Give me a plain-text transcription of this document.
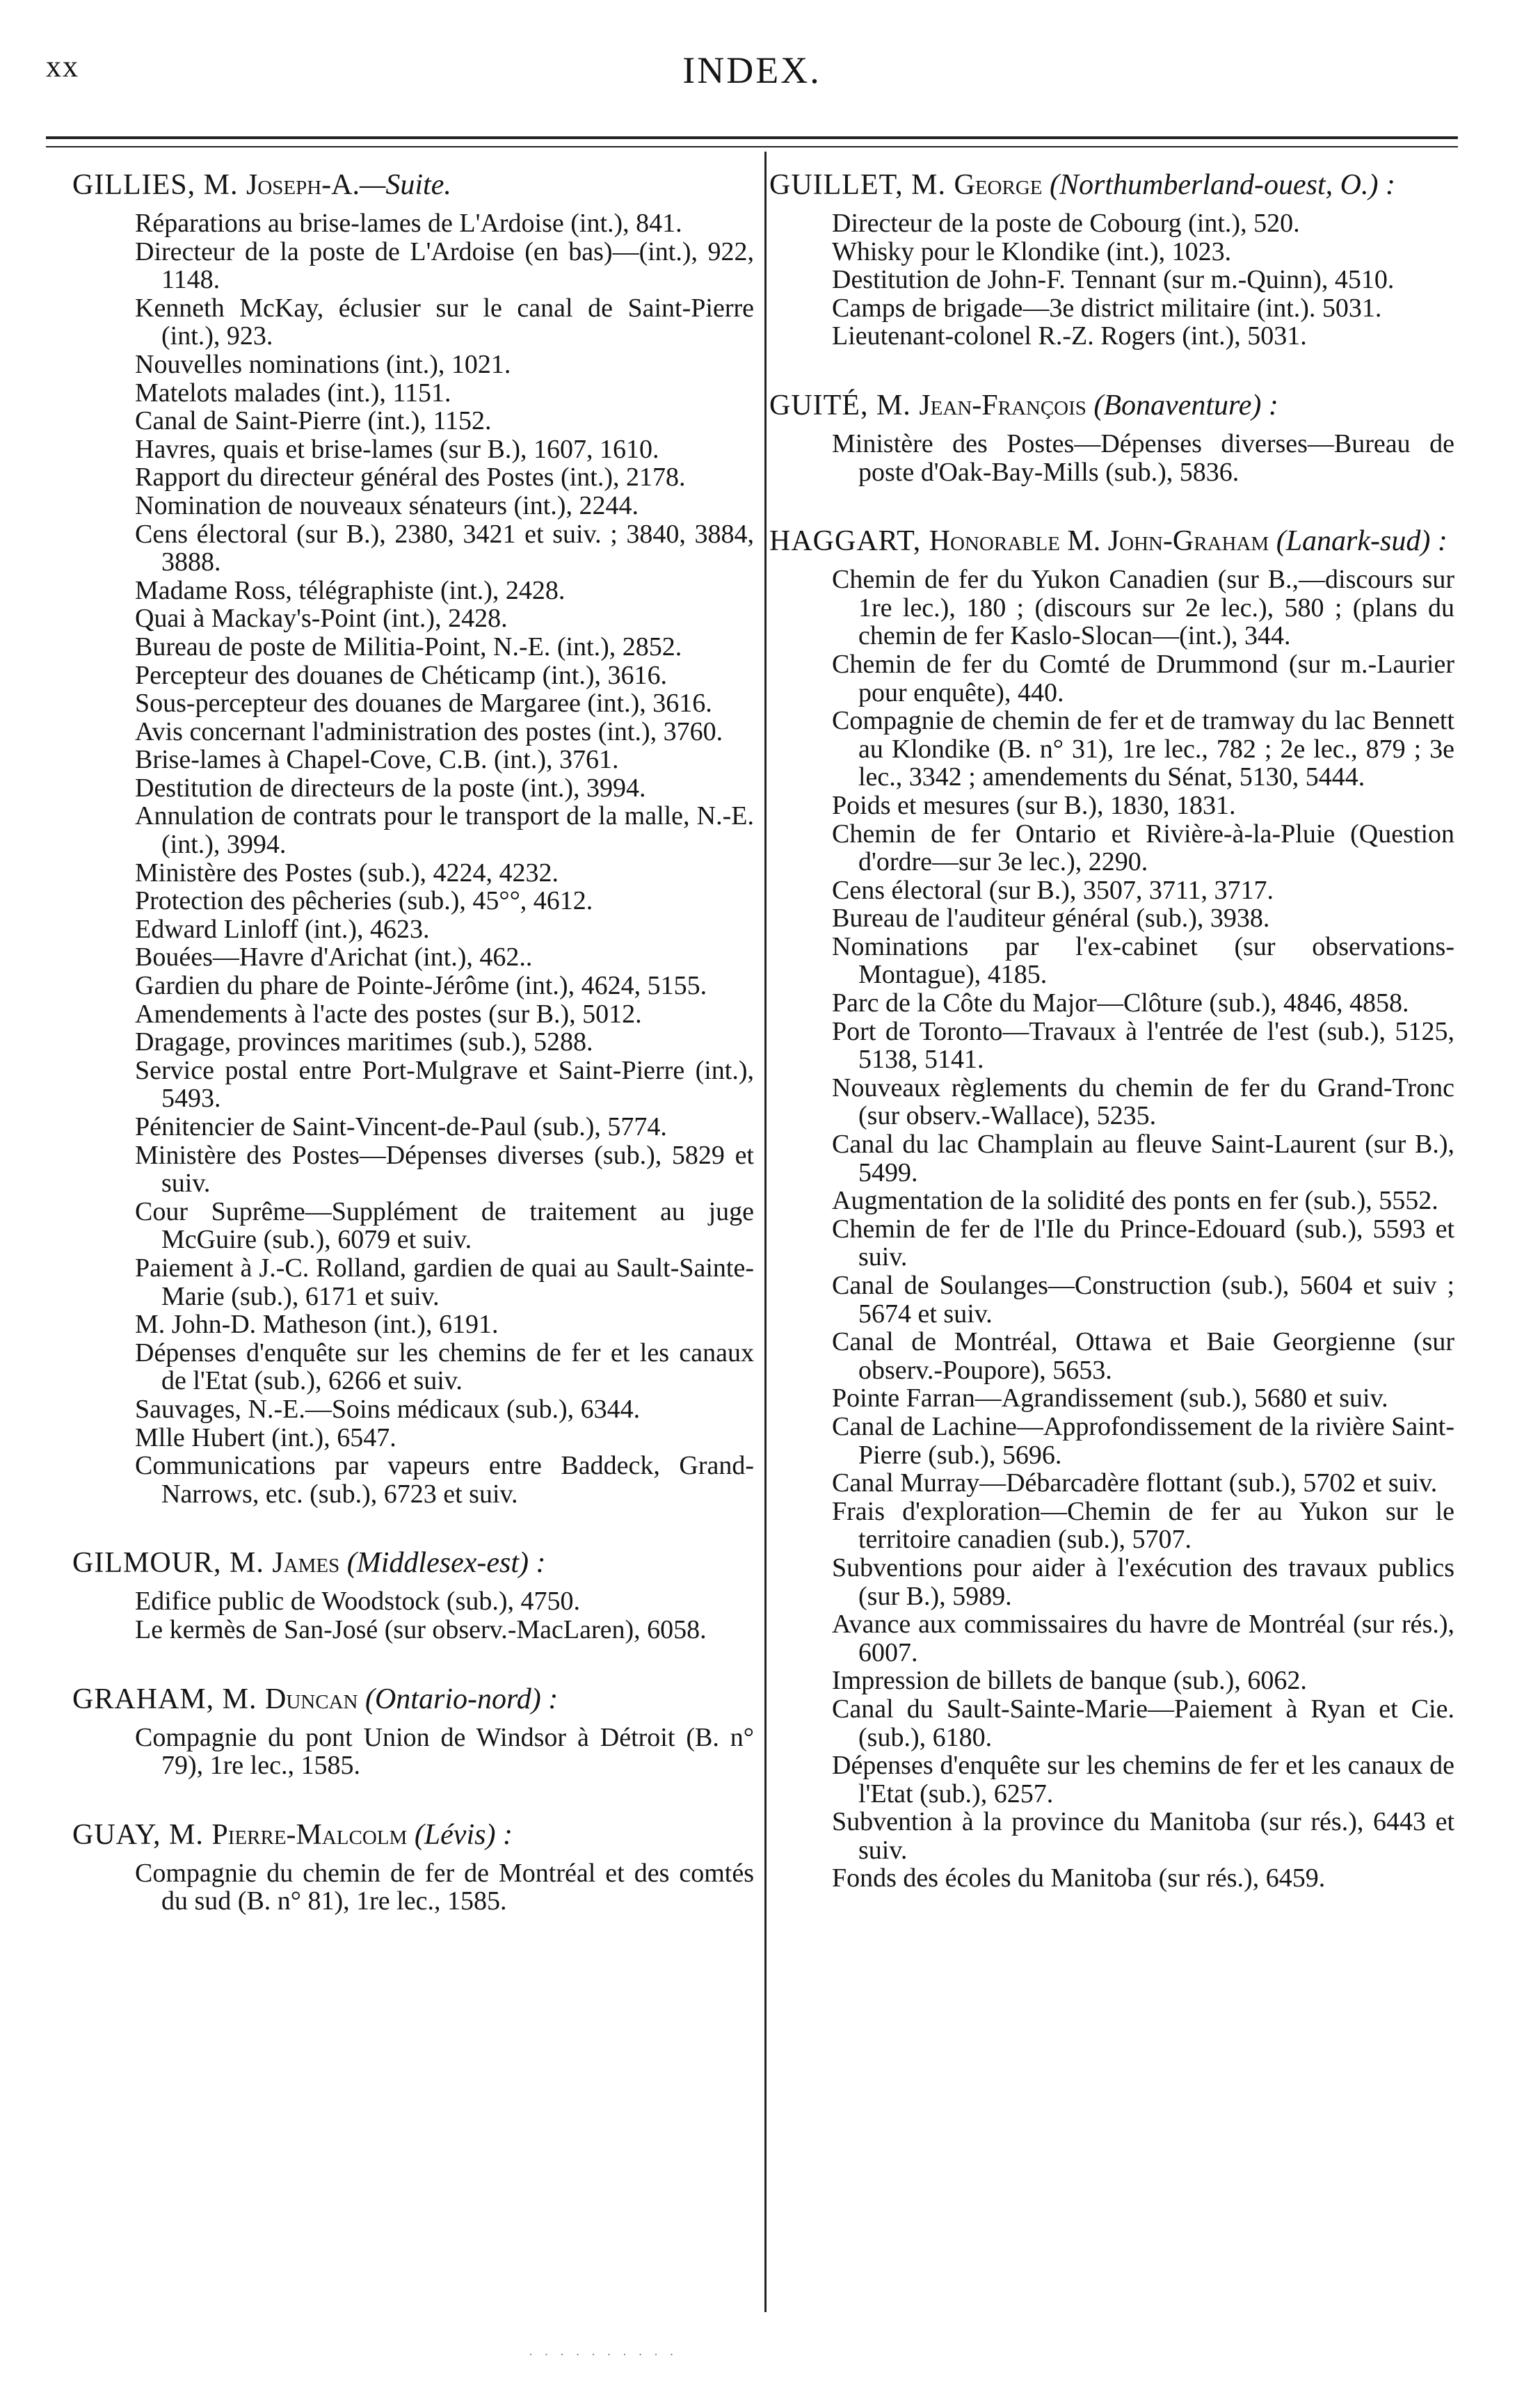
xx	INDEX.
GILLIES, M. Joseph-A.—Suite.
Réparations au brise-lames de L'Ardoise (int.), 841.
Directeur de la poste de L'Ardoise (en bas)—(int.), 922, 1148.
Kenneth McKay, éclusier sur le canal de Saint-Pierre (int.), 923.
Nouvelles nominations (int.), 1021.
Matelots malades (int.), 1151.
Canal de Saint-Pierre (int.), 1152.
Havres, quais et brise-lames (sur B.), 1607, 1610.
Rapport du directeur général des Postes (int.), 2178.
Nomination de nouveaux sénateurs (int.), 2244.
Cens électoral (sur B.), 2380, 3421 et suiv. ; 3840, 3884, 3888.
Madame Ross, télégraphiste (int.), 2428.
Quai à Mackay's-Point (int.), 2428.
Bureau de poste de Militia-Point, N.-E. (int.), 2852.
Percepteur des douanes de Chéticamp (int.), 3616.
Sous-percepteur des douanes de Margaree (int.), 3616.
Avis concernant l'administration des postes (int.), 3760.
Brise-lames à Chapel-Cove, C.B. (int.), 3761.
Destitution de directeurs de la poste (int.), 3994.
Annulation de contrats pour le transport de la malle, N.-E. (int.), 3994.
Ministère des Postes (sub.), 4224, 4232.
Protection des pêcheries (sub.), 45°°, 4612.
Edward Linloff (int.), 4623.
Bouées—Havre d'Arichat (int.), 462..
Gardien du phare de Pointe-Jérôme (int.), 4624, 5155.
Amendements à l'acte des postes (sur B.), 5012.
Dragage, provinces maritimes (sub.), 5288.
Service postal entre Port-Mulgrave et Saint-Pierre (int.), 5493.
Pénitencier de Saint-Vincent-de-Paul (sub.), 5774.
Ministère des Postes—Dépenses diverses (sub.), 5829 et suiv.
Cour Suprême—Supplément de traitement au juge McGuire (sub.), 6079 et suiv.
Paiement à J.-C. Rolland, gardien de quai au Sault-Sainte-Marie (sub.), 6171 et suiv.
M. John-D. Matheson (int.), 6191.
Dépenses d'enquête sur les chemins de fer et les canaux de l'Etat (sub.), 6266 et suiv.
Sauvages, N.-E.—Soins médicaux (sub.), 6344.
Mlle Hubert (int.), 6547.
Communications par vapeurs entre Baddeck, Grand-Narrows, etc. (sub.), 6723 et suiv.
GILMOUR, M. James (Middlesex-est) :
Edifice public de Woodstock (sub.), 4750.
Le kermès de San-José (sur observ.-MacLaren), 6058.
GRAHAM, M. Duncan (Ontario-nord) :
Compagnie du pont Union de Windsor à Détroit (B. n° 79), 1re lec., 1585.
GUAY, M. Pierre-Malcolm (Lévis) :
Compagnie du chemin de fer de Montréal et des comtés du sud (B. n° 81), 1re lec., 1585.
GUILLET, M. George (Northumberland-ouest, O.) :
Directeur de la poste de Cobourg (int.), 520.
Whisky pour le Klondike (int.), 1023.
Destitution de John-F. Tennant (sur m.-Quinn), 4510.
Camps de brigade—3e district militaire (int.). 5031.
Lieutenant-colonel R.-Z. Rogers (int.), 5031.
GUITÉ, M. Jean-François (Bonaventure) :
Ministère des Postes—Dépenses diverses—Bureau de poste d'Oak-Bay-Mills (sub.), 5836.
HAGGART, Honorable M. John-Graham (Lanark-sud) :
Chemin de fer du Yukon Canadien (sur B.,—discours sur 1re lec.), 180 ; (discours sur 2e lec.), 580 ; (plans du chemin de fer Kaslo-Slocan—(int.), 344.
Chemin de fer du Comté de Drummond (sur m.-Laurier pour enquête), 440.
Compagnie de chemin de fer et de tramway du lac Bennett au Klondike (B. n° 31), 1re lec., 782 ; 2e lec., 879 ; 3e lec., 3342 ; amendements du Sénat, 5130, 5444.
Poids et mesures (sur B.), 1830, 1831.
Chemin de fer Ontario et Rivière-à-la-Pluie (Question d'ordre—sur 3e lec.), 2290.
Cens électoral (sur B.), 3507, 3711, 3717.
Bureau de l'auditeur général (sub.), 3938.
Nominations par l'ex-cabinet (sur observations-Montague), 4185.
Parc de la Côte du Major—Clôture (sub.), 4846, 4858.
Port de Toronto—Travaux à l'entrée de l'est (sub.), 5125, 5138, 5141.
Nouveaux règlements du chemin de fer du Grand-Tronc (sur observ.-Wallace), 5235.
Canal du lac Champlain au fleuve Saint-Laurent (sur B.), 5499.
Augmentation de la solidité des ponts en fer (sub.), 5552.
Chemin de fer de l'Ile du Prince-Edouard (sub.), 5593 et suiv.
Canal de Soulanges—Construction (sub.), 5604 et suiv ; 5674 et suiv.
Canal de Montréal, Ottawa et Baie Georgienne (sur observ.-Poupore), 5653.
Pointe Farran—Agrandissement (sub.), 5680 et suiv.
Canal de Lachine—Approfondissement de la rivière Saint-Pierre (sub.), 5696.
Canal Murray—Débarcadère flottant (sub.), 5702 et suiv.
Frais d'exploration—Chemin de fer au Yukon sur le territoire canadien (sub.), 5707.
Subventions pour aider à l'exécution des travaux publics (sur B.), 5989.
Avance aux commissaires du havre de Montréal (sur rés.), 6007.
Impression de billets de banque (sub.), 6062.
Canal du Sault-Sainte-Marie—Paiement à Ryan et Cie. (sub.), 6180.
Dépenses d'enquête sur les chemins de fer et les canaux de l'Etat (sub.), 6257.
Subvention à la province du Manitoba (sur rés.), 6443 et suiv.
Fonds des écoles du Manitoba (sur rés.), 6459.
· · · · · · · · · ·
